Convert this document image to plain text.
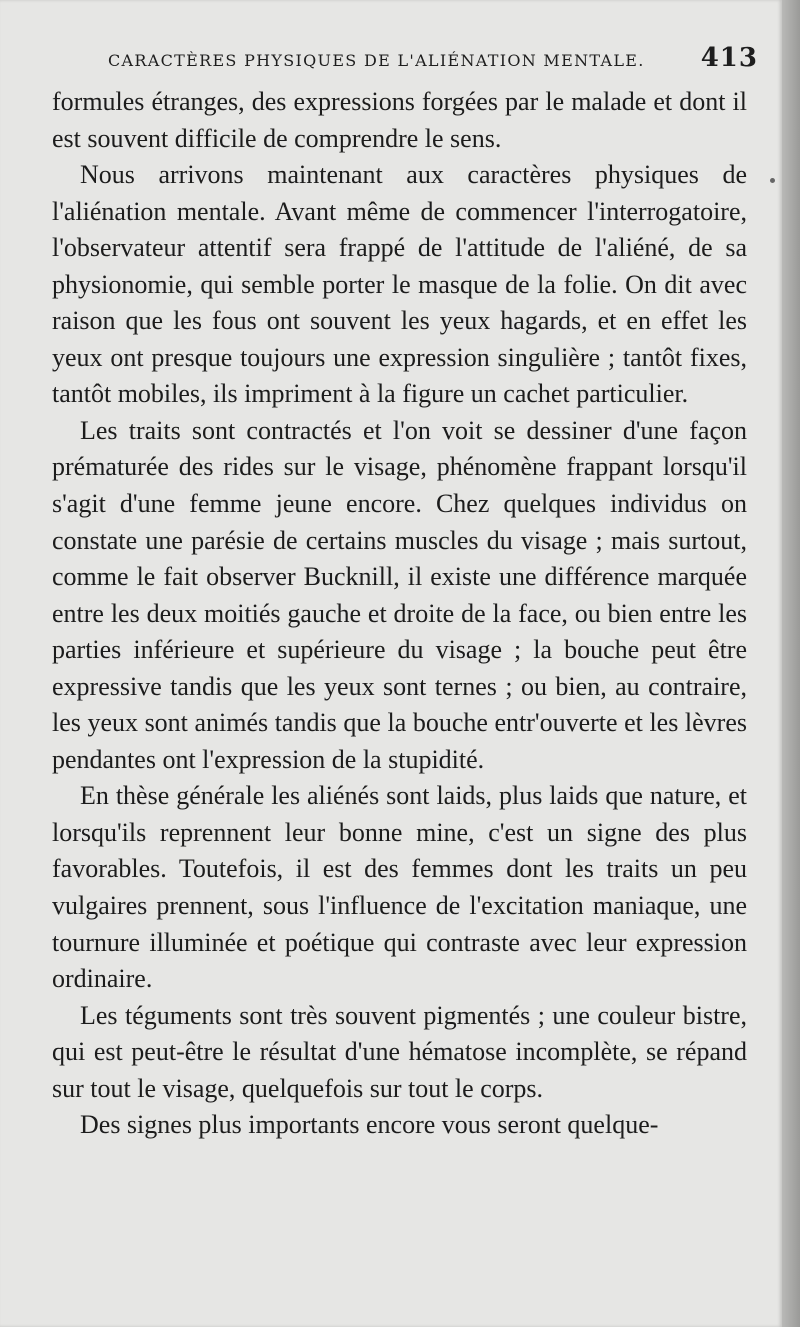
CARACTÈRES PHYSIQUES DE L'ALIÉNATION MENTALE. 413

formules étranges, des expressions forgées par le malade et dont il est souvent difficile de comprendre le sens.

Nous arrivons maintenant aux caractères physiques de l'aliénation mentale. Avant même de commencer l'interrogatoire, l'observateur attentif sera frappé de l'attitude de l'aliéné, de sa physionomie, qui semble porter le masque de la folie. On dit avec raison que les fous ont souvent les yeux hagards, et en effet les yeux ont presque toujours une expression singulière ; tantôt fixes, tantôt mobiles, ils impriment à la figure un cachet particulier.

Les traits sont contractés et l'on voit se dessiner d'une façon prématurée des rides sur le visage, phénomène frappant lorsqu'il s'agit d'une femme jeune encore. Chez quelques individus on constate une parésie de certains muscles du visage ; mais surtout, comme le fait observer Bucknill, il existe une différence marquée entre les deux moitiés gauche et droite de la face, ou bien entre les parties inférieure et supérieure du visage ; la bouche peut être expressive tandis que les yeux sont ternes ; ou bien, au contraire, les yeux sont animés tandis que la bouche entr'ouverte et les lèvres pendantes ont l'expression de la stupidité.

En thèse générale les aliénés sont laids, plus laids que nature, et lorsqu'ils reprennent leur bonne mine, c'est un signe des plus favorables. Toutefois, il est des femmes dont les traits un peu vulgaires prennent, sous l'influence de l'excitation maniaque, une tournure illuminée et poétique qui contraste avec leur expression ordinaire.

Les téguments sont très souvent pigmentés ; une couleur bistre, qui est peut-être le résultat d'une hématose incomplète, se répand sur tout le visage, quelquefois sur tout le corps.

Des signes plus importants encore vous seront quelque-
